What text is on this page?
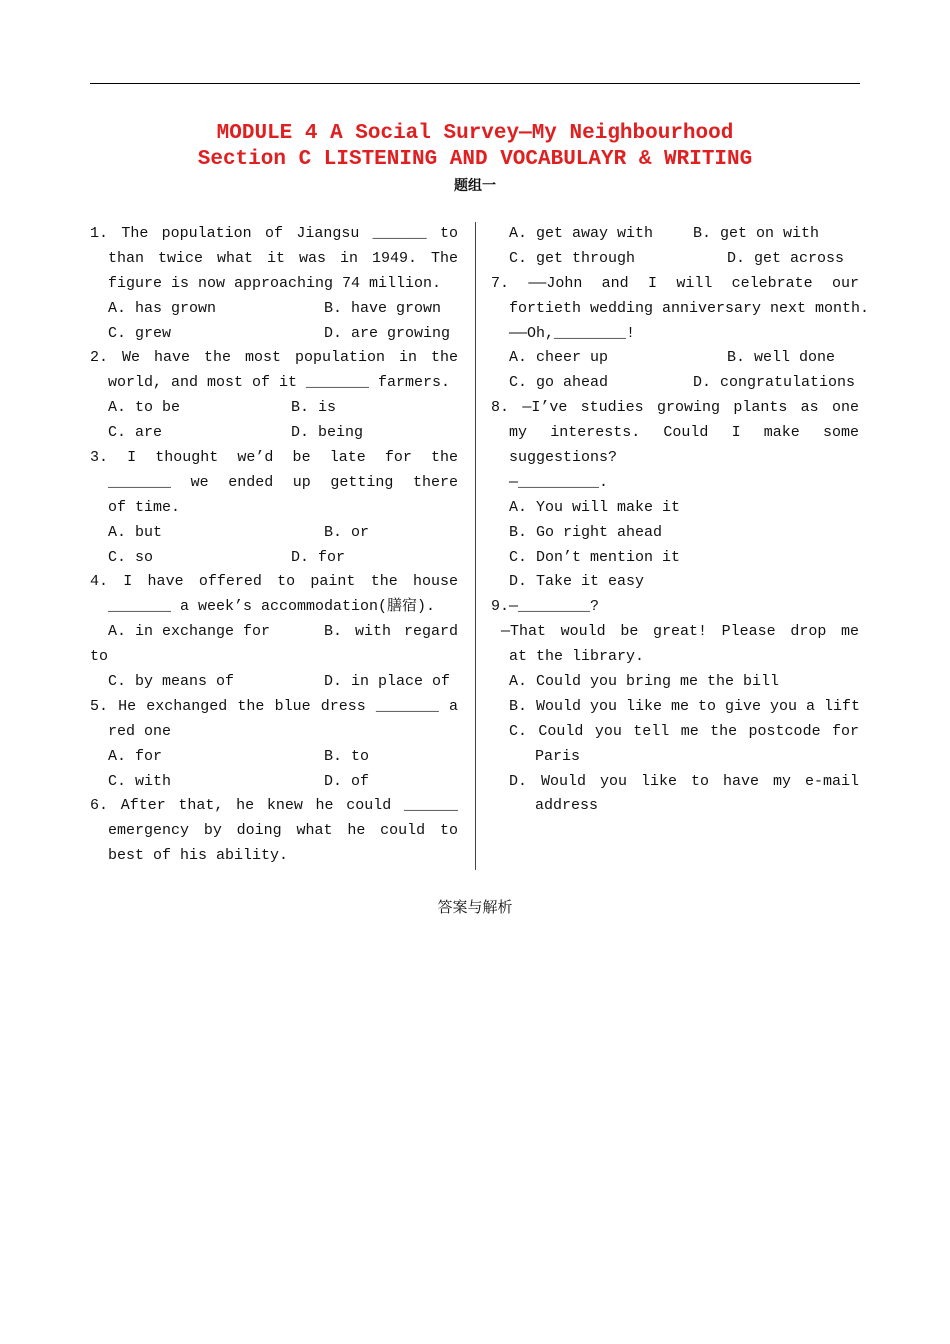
MODULE 4 A Social Survey—My Neighbourhood
Section C LISTENING AND VOCABULAYR & WRITING
题组一
1. The population of Jiangsu ______ to
than twice what it was in 1949. The
figure is now approaching 74 million.
A. has grown	B. have grown
C. grew	D. are growing
2. We have the most population in the
world, and most of it _______ farmers.
A. to be	B. is
C. are	D. being
3. I thought we’d be late for the
_______ we ended up getting there
of time.
A. but	B. or
C. so	D. for
4. I have offered to paint the house
_______ a week’s accommodation(膳宿).
A. in exchange for	B. with regard
to
C. by means of	D. in place of
5. He exchanged the blue dress _______ a
red one
A. for	B. to
C. with	D. of
6. After that, he knew he could ______
emergency by doing what he could to
best of his ability.
A. get away with	B. get on with
C. get through	D. get across
7. ——John and I will celebrate our
fortieth wedding anniversary next month.
——Oh,________!
A. cheer up	B. well done
C. go ahead	D. congratulations
8. —I’ve studies growing plants as one
my interests. Could I make some
suggestions?
—_________.
A. You will make it
B. Go right ahead
C. Don’t mention it
D. Take it easy
9.—________?
—That would be great! Please drop me
at the library.
A. Could you bring me the bill
B. Would you like me to give you a lift
C. Could you tell me the postcode for
Paris
D. Would you like to have my e-mail
address
答案与解析
